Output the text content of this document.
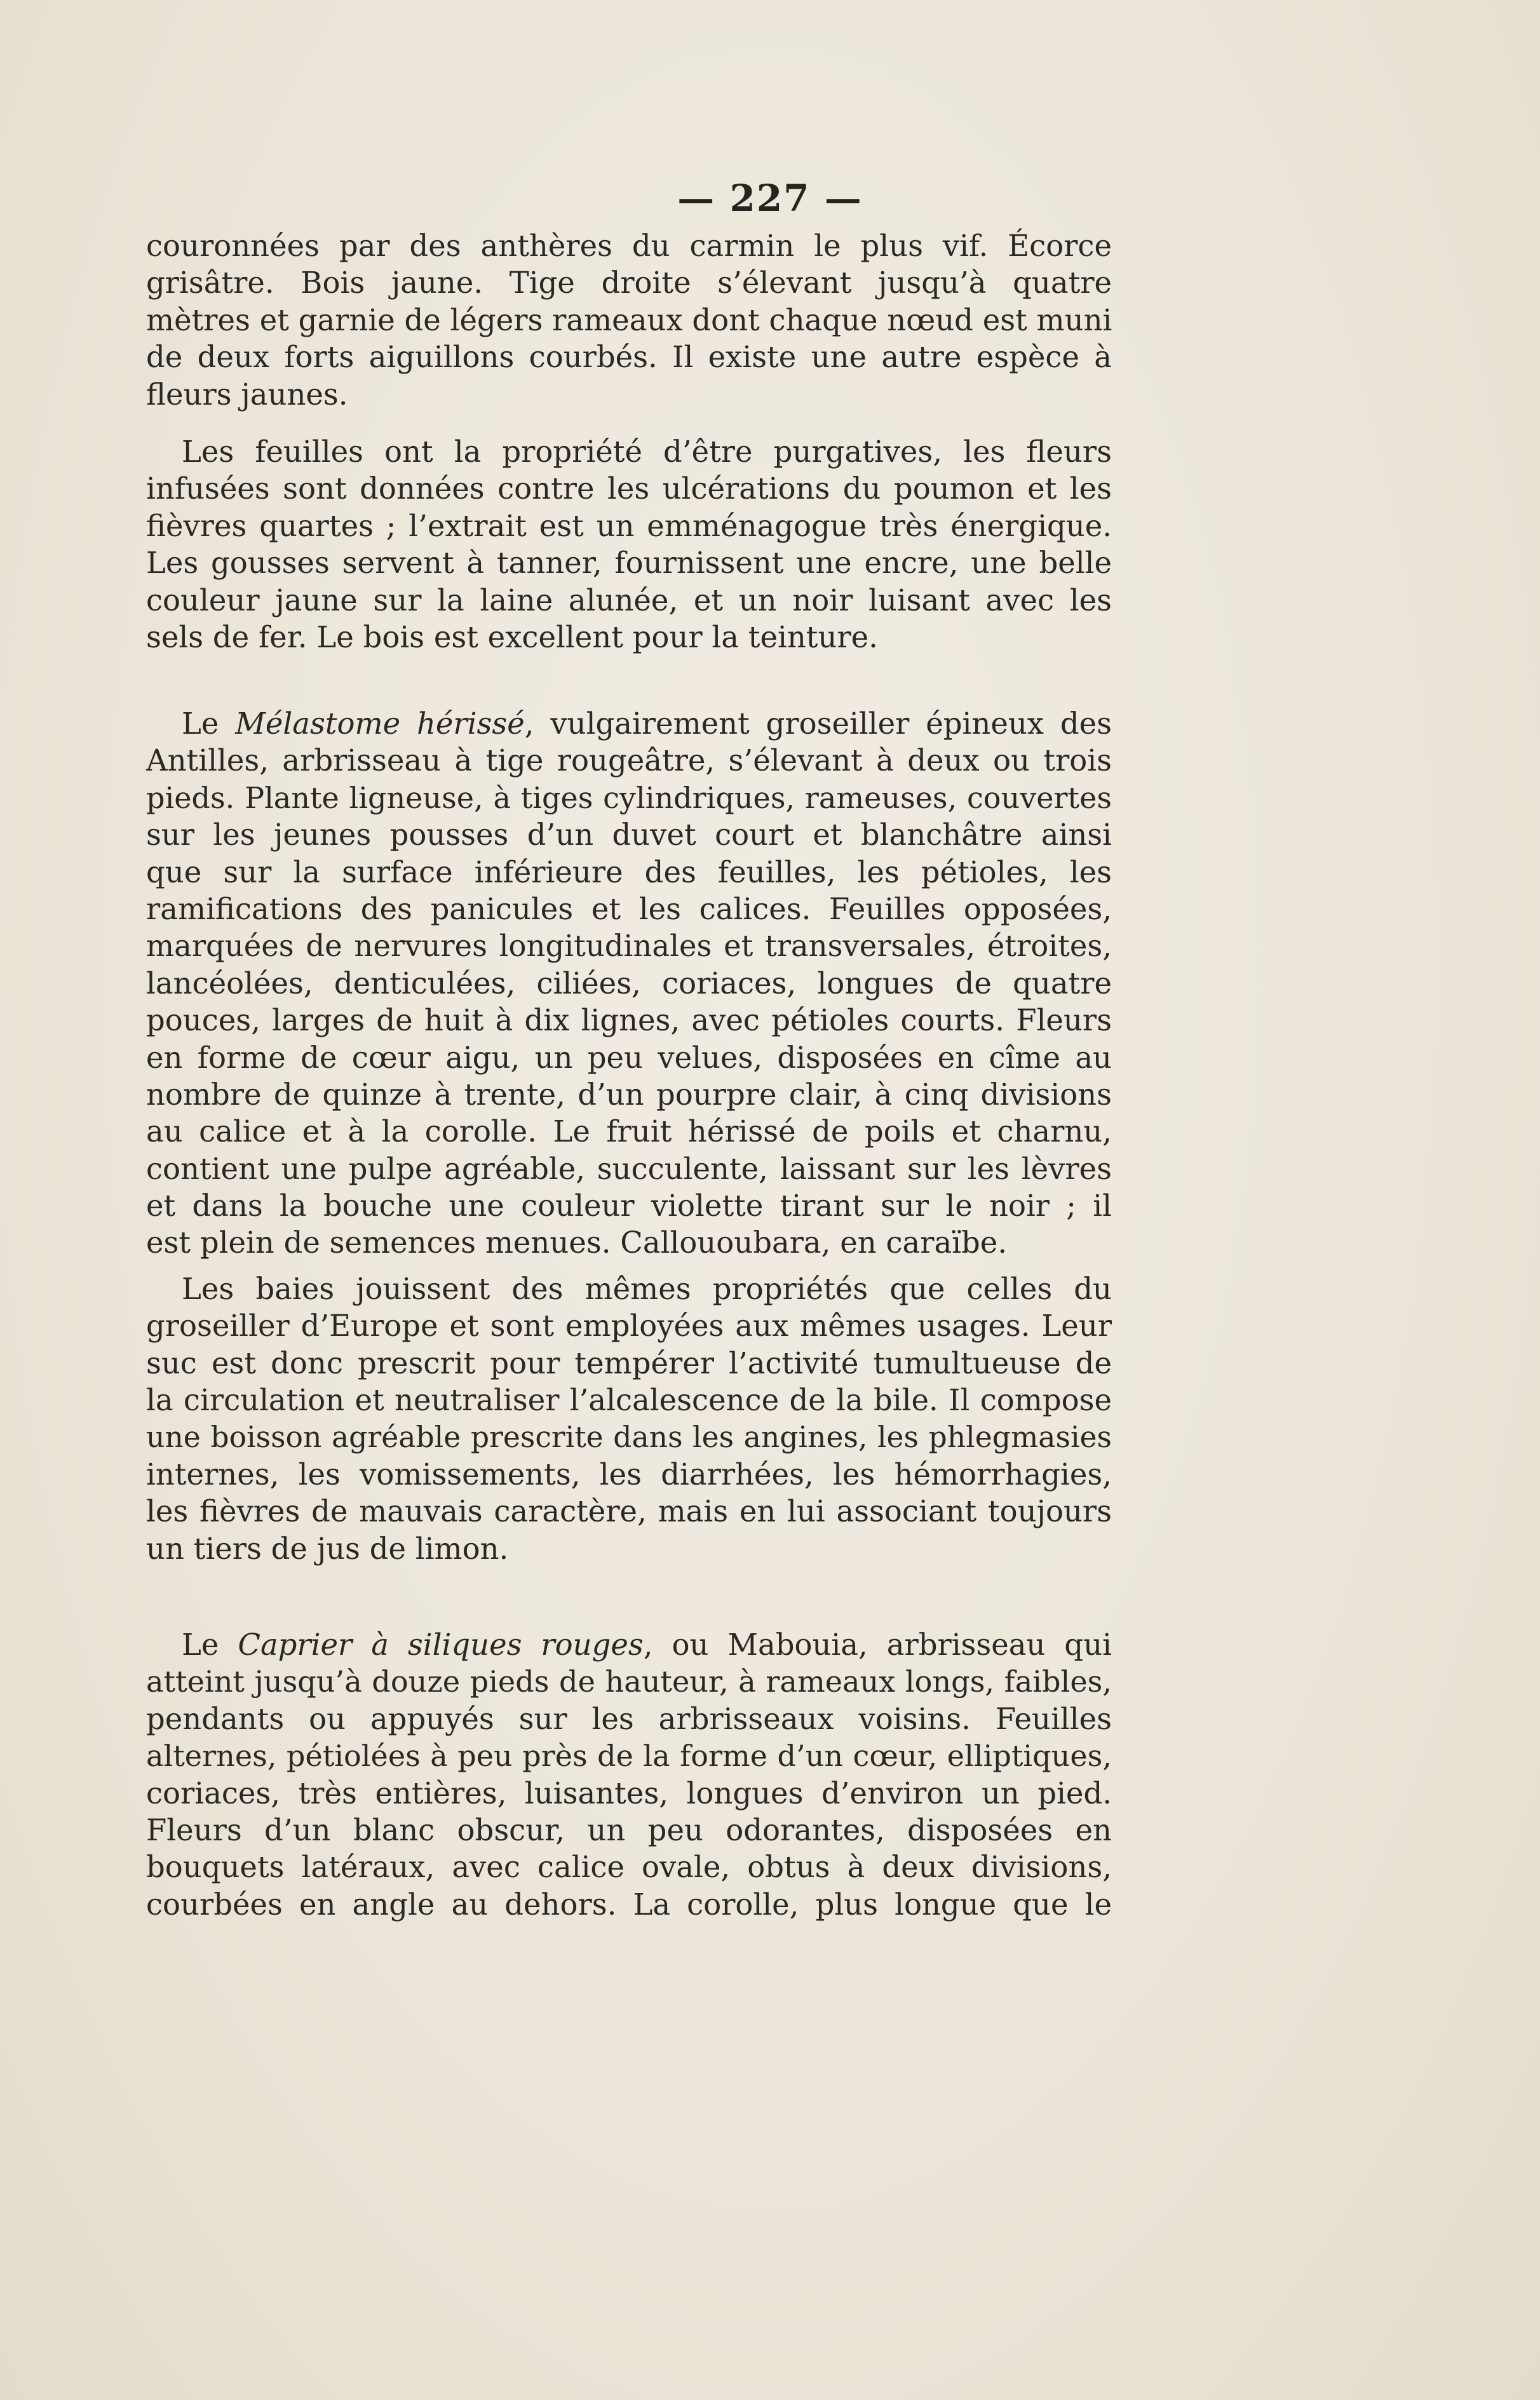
— 227 —
couronnées par des anthères du carmin le plus vif. Écorce
grisâtre. Bois jaune. Tige droite s’élevant jusqu’à quatre
mètres et garnie de légers rameaux dont chaque nœud est muni
de deux forts aiguillons courbés. Il existe une autre espèce à
fleurs jaunes.
Les feuilles ont la propriété d’être purgatives, les fleurs
infusées sont données contre les ulcérations du poumon et les
fièvres quartes ; l’extrait est un emménagogue très énergique.
Les gousses servent à tanner, fournissent une encre, une belle
couleur jaune sur la laine alunée, et un noir luisant avec les
sels de fer. Le bois est excellent pour la teinture.
Le Mélastome hérissé, vulgairement groseiller épineux des
Antilles, arbrisseau à tige rougeâtre, s’élevant à deux ou trois
pieds. Plante ligneuse, à tiges cylindriques, rameuses, couvertes
sur les jeunes pousses d’un duvet court et blanchâtre ainsi
que sur la surface inférieure des feuilles, les pétioles, les
ramifications des panicules et les calices. Feuilles opposées,
marquées de nervures longitudinales et transversales, étroites,
lancéolées, denticulées, ciliées, coriaces, longues de quatre
pouces, larges de huit à dix lignes, avec pétioles courts. Fleurs
en forme de cœur aigu, un peu velues, disposées en cîme au
nombre de quinze à trente, d’un pourpre clair, à cinq divisions
au calice et à la corolle. Le fruit hérissé de poils et charnu,
contient une pulpe agréable, succulente, laissant sur les lèvres
et dans la bouche une couleur violette tirant sur le noir ; il
est plein de semences menues. Callououbara, en caraïbe.
Les baies jouissent des mêmes propriétés que celles du
groseiller d’Europe et sont employées aux mêmes usages. Leur
suc est donc prescrit pour tempérer l’activité tumultueuse de
la circulation et neutraliser l’alcalescence de la bile. Il compose
une boisson agréable prescrite dans les angines, les phlegmasies
internes, les vomissements, les diarrhées, les hémorrhagies,
les fièvres de mauvais caractère, mais en lui associant toujours
un tiers de jus de limon.
Le Caprier à siliques rouges, ou Mabouia, arbrisseau qui
atteint jusqu’à douze pieds de hauteur, à rameaux longs, faibles,
pendants ou appuyés sur les arbrisseaux voisins. Feuilles
alternes, pétiolées à peu près de la forme d’un cœur, elliptiques,
coriaces, très entières, luisantes, longues d’environ un pied.
Fleurs d’un blanc obscur, un peu odorantes, disposées en
bouquets latéraux, avec calice ovale, obtus à deux divisions,
courbées en angle au dehors. La corolle, plus longue que le
